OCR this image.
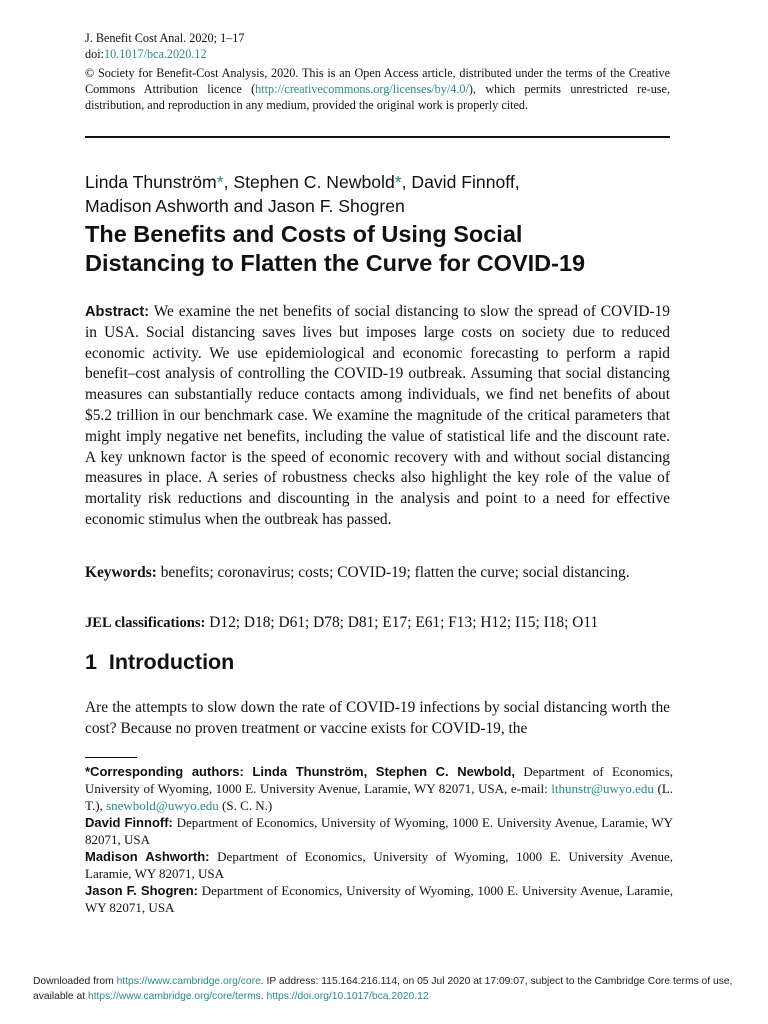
J. Benefit Cost Anal. 2020; 1–17
doi:10.1017/bca.2020.12
© Society for Benefit-Cost Analysis, 2020. This is an Open Access article, distributed under the terms of the Creative Commons Attribution licence (http://creativecommons.org/licenses/by/4.0/), which permits unrestricted re-use, distribution, and reproduction in any medium, provided the original work is properly cited.
Linda Thunström*, Stephen C. Newbold*, David Finnoff,
Madison Ashworth and Jason F. Shogren
The Benefits and Costs of Using Social
Distancing to Flatten the Curve for COVID-19
Abstract: We examine the net benefits of social distancing to slow the spread of COVID-19 in USA. Social distancing saves lives but imposes large costs on society due to reduced economic activity. We use epidemiological and economic forecasting to perform a rapid benefit–cost analysis of controlling the COVID-19 outbreak. Assuming that social distancing measures can substantially reduce contacts among individuals, we find net benefits of about $5.2 trillion in our benchmark case. We examine the magnitude of the critical parameters that might imply negative net benefits, including the value of statistical life and the discount rate. A key unknown factor is the speed of economic recovery with and without social distancing measures in place. A series of robustness checks also highlight the key role of the value of mortality risk reductions and discounting in the analysis and point to a need for effective economic stimulus when the outbreak has passed.
Keywords: benefits; coronavirus; costs; COVID-19; flatten the curve; social distancing.
JEL classifications: D12; D18; D61; D78; D81; E17; E61; F13; H12; I15; I18; O11
1 Introduction
Are the attempts to slow down the rate of COVID-19 infections by social distancing worth the cost? Because no proven treatment or vaccine exists for COVID-19, the

*Corresponding authors: Linda Thunström, Stephen C. Newbold, Department of Economics, University of Wyoming, 1000 E. University Avenue, Laramie, WY 82071, USA, e-mail: lthunstr@uwyo.edu (L. T.), snewbold@uwyo.edu (S. C. N.)

David Finnoff: Department of Economics, University of Wyoming, 1000 E. University Avenue, Laramie, WY 82071, USA

Madison Ashworth: Department of Economics, University of Wyoming, 1000 E. University Avenue, Laramie, WY 82071, USA

Jason F. Shogren: Department of Economics, University of Wyoming, 1000 E. University Avenue, Laramie, WY 82071, USA

Downloaded from https://www.cambridge.org/core. IP address: 115.164.216.114, on 05 Jul 2020 at 17:09:07, subject to the Cambridge Core terms of use, available at https://www.cambridge.org/core/terms. https://doi.org/10.1017/bca.2020.12
